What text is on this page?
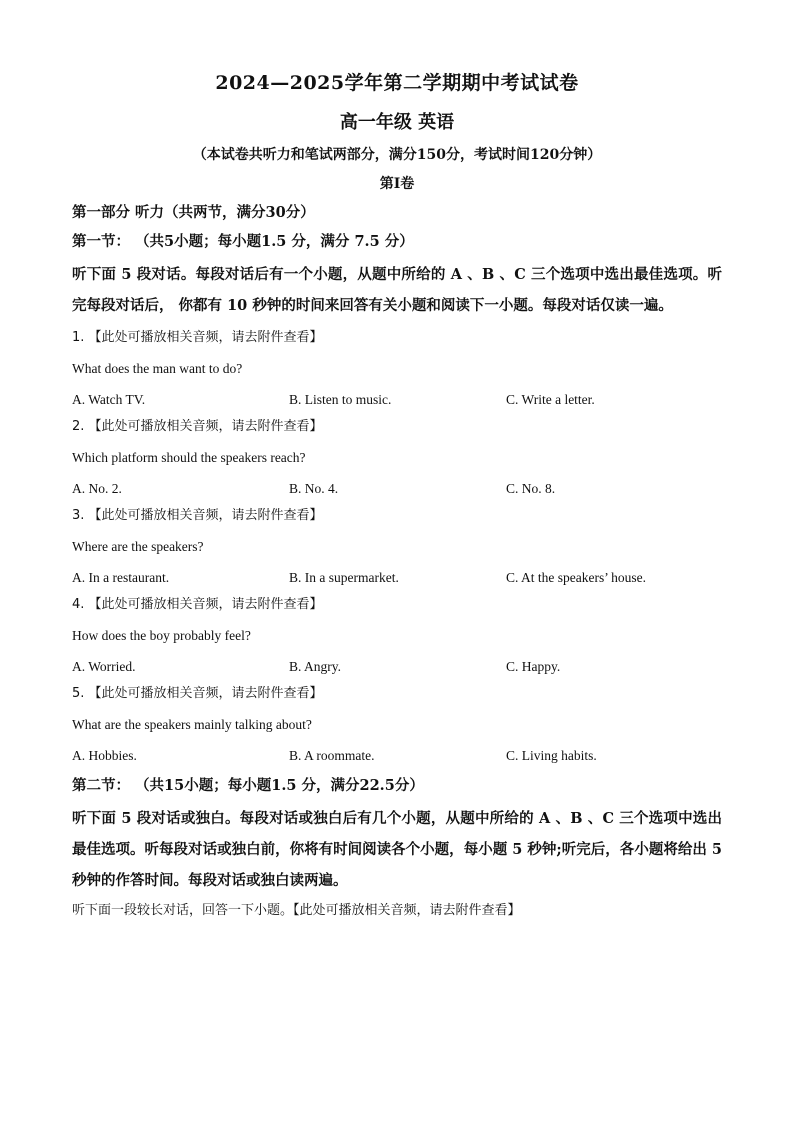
2024—2025学年第二学期期中考试试卷
高一年级 英语
（本试卷共听力和笔试两部分，满分150分，考试时间120分钟）
第Ⅰ卷
第一部分 听力（共两节，满分30分）
第一节： （共5小题；每小题1.5 分，满分 7.5 分）
听下面 5 段对话。每段对话后有一个小题，从题中所给的 A 、B 、C 三个选项中选出最佳选项。听完每段对话后， 你都有 10 秒钟的时间来回答有关小题和阅读下一小题。每段对话仅读一遍。
1. 【此处可播放相关音频，请去附件查看】
What does the man want to do?
A. Watch TV.	B. Listen to music.	C. Write a letter.
2. 【此处可播放相关音频，请去附件查看】
Which platform should the speakers reach?
A. No. 2.	B. No. 4.	C. No. 8.
3. 【此处可播放相关音频，请去附件查看】
Where are the speakers?
A. In a restaurant.	B. In a supermarket.	C. At the speakers’ house.
4. 【此处可播放相关音频，请去附件查看】
How does the boy probably feel?
A. Worried.	B. Angry.	C. Happy.
5. 【此处可播放相关音频，请去附件查看】
What are the speakers mainly talking about?
A. Hobbies.	B. A roommate.	C. Living habits.
第二节： （共15小题；每小题1.5 分，满分22.5分）
听下面 5 段对话或独白。每段对话或独白后有几个小题，从题中所给的 A 、B 、C 三个选项中选出最佳选项。听每段对话或独白前，你将有时间阅读各个小题，每小题 5 秒钟;听完后，各小题将给出 5 秒钟的作答时间。每段对话或独白读两遍。
听下面一段较长对话，回答一下小题。【此处可播放相关音频，请去附件查看】
